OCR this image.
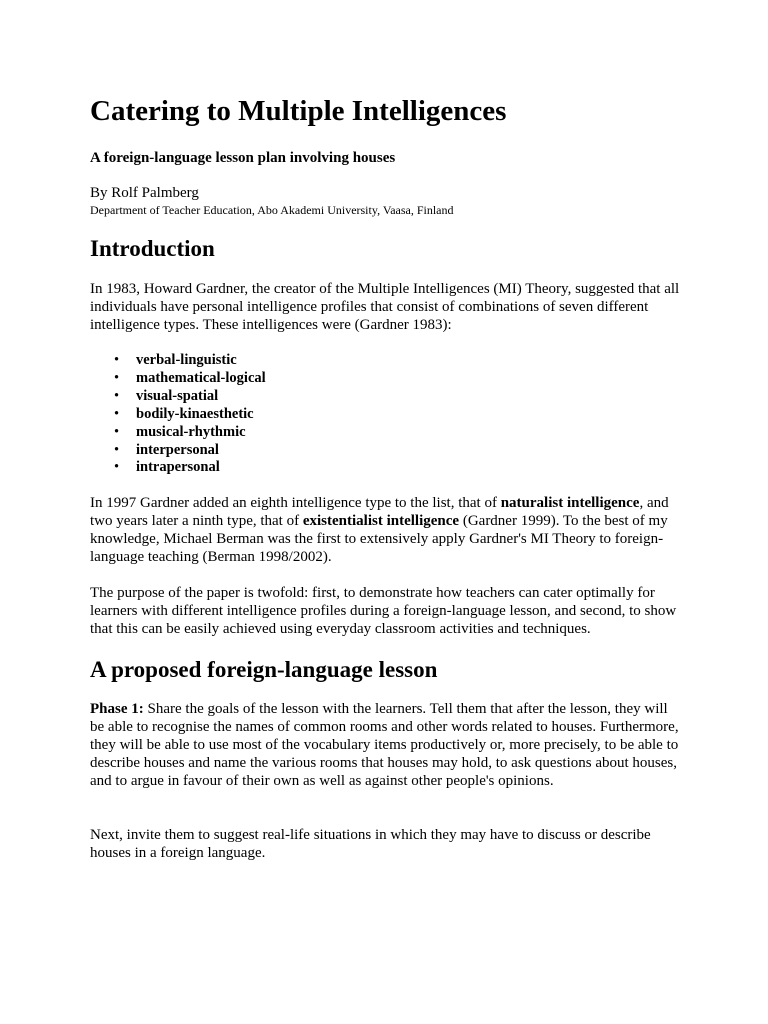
Catering to Multiple Intelligences
A foreign-language lesson plan involving houses
By Rolf Palmberg
Department of Teacher Education, Abo Akademi University, Vaasa, Finland
Introduction

In 1983, Howard Gardner, the creator of the Multiple Intelligences (MI) Theory, suggested that all individuals have personal intelligence profiles that consist of combinations of seven different intelligence types. These intelligences were (Gardner 1983):

• verbal-linguistic
• mathematical-logical
• visual-spatial
• bodily-kinaesthetic
• musical-rhythmic
• interpersonal
• intrapersonal

In 1997 Gardner added an eighth intelligence type to the list, that of naturalist intelligence, and two years later a ninth type, that of existentialist intelligence (Gardner 1999). To the best of my knowledge, Michael Berman was the first to extensively apply Gardner's MI Theory to foreign-language teaching (Berman 1998/2002).

The purpose of the paper is twofold: first, to demonstrate how teachers can cater optimally for learners with different intelligence profiles during a foreign-language lesson, and second, to show that this can be easily achieved using everyday classroom activities and techniques.

A proposed foreign-language lesson

Phase 1: Share the goals of the lesson with the learners. Tell them that after the lesson, they will be able to recognise the names of common rooms and other words related to houses. Furthermore, they will be able to use most of the vocabulary items productively or, more precisely, to be able to describe houses and name the various rooms that houses may hold, to ask questions about houses, and to argue in favour of their own as well as against other people's opinions.

Next, invite them to suggest real-life situations in which they may have to discuss or describe houses in a foreign language.
